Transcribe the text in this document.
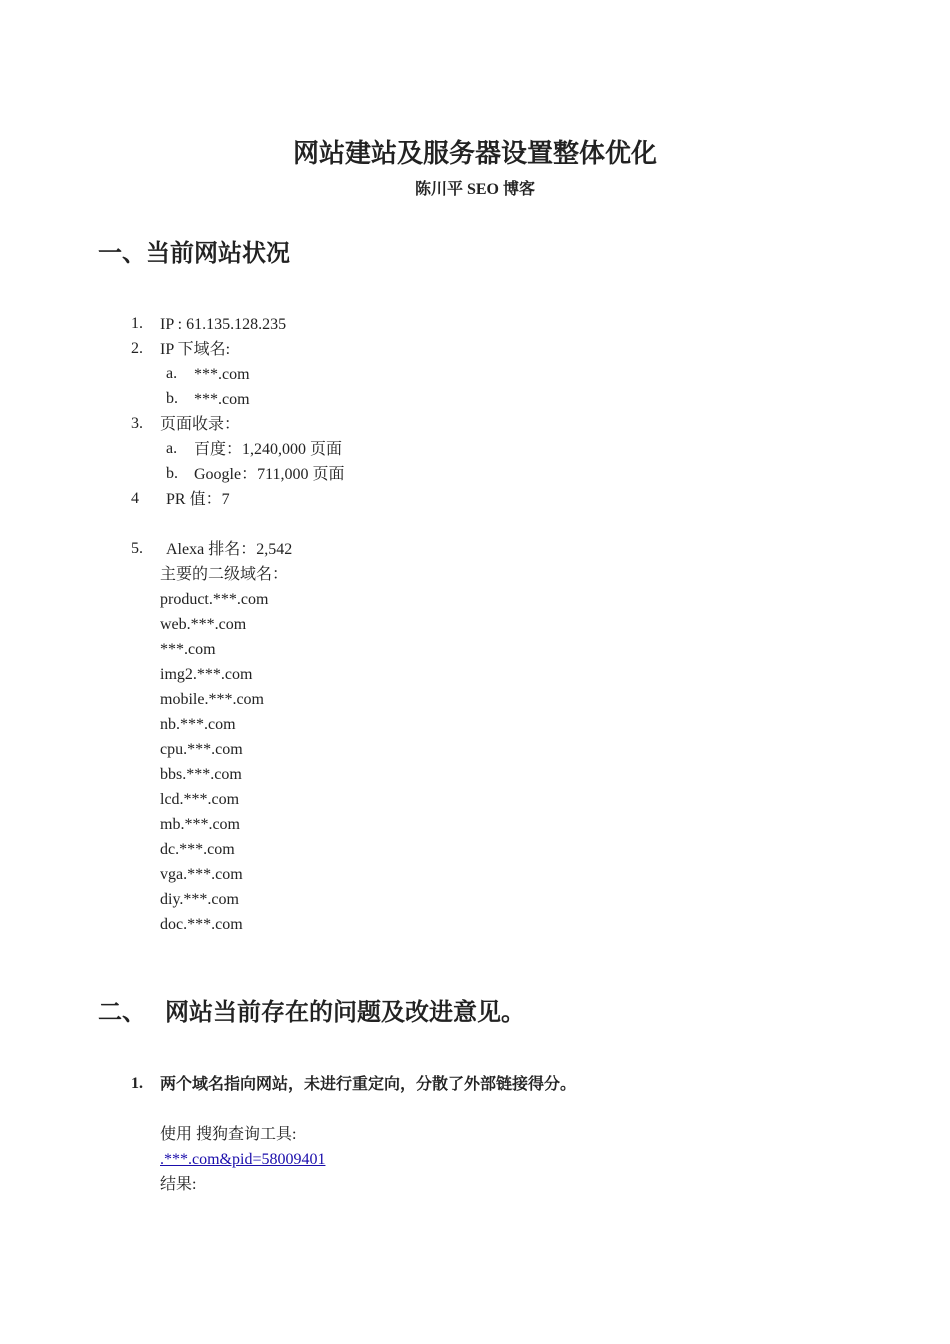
网站建站及服务器设置整体优化
陈川平 SEO 博客
一、当前网站状况
1. IP : 61.135.128.235
2. IP 下域名:
a. ***.com
b. ***.com
3. 页面收录：
a. 百度：1,240,000 页面
b. Google：711,000 页面
4 PR 值：7
5. Alexa 排名：2,542
主要的二级域名：
product.***.com
web.***.com
***.com
img2.***.com
mobile.***.com
nb.***.com
cpu.***.com
bbs.***.com
lcd.***.com
mb.***.com
dc.***.com
vga.***.com
diy.***.com
doc.***.com
二、 网站当前存在的问题及改进意见。
1. 两个域名指向网站，未进行重定向，分散了外部链接得分。
使用 搜狗查询工具:
.***.com&pid=58009401
结果:
